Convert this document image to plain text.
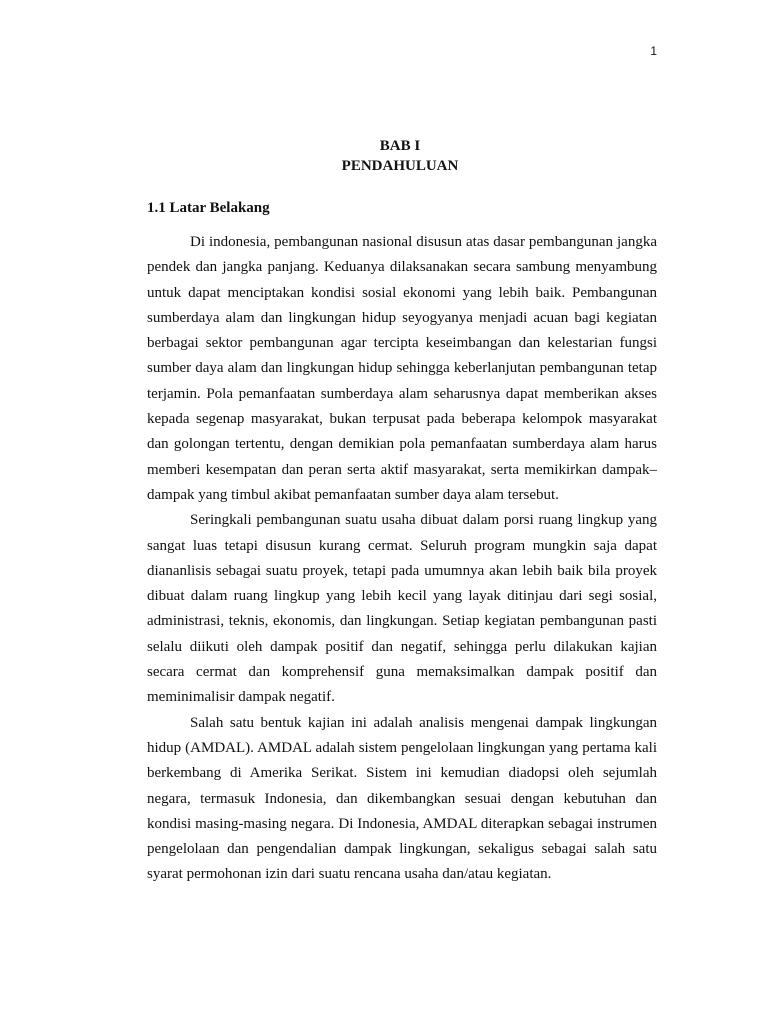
1
BAB I
PENDAHULUAN
1.1 Latar Belakang

Di indonesia, pembangunan nasional disusun atas dasar pembangunan jangka pendek dan jangka panjang. Keduanya dilaksanakan secara sambung menyambung untuk dapat menciptakan kondisi sosial ekonomi yang lebih baik. Pembangunan sumberdaya alam dan lingkungan hidup seyogyanya menjadi acuan bagi kegiatan berbagai sektor pembangunan agar tercipta keseimbangan dan kelestarian fungsi sumber daya alam dan lingkungan hidup sehingga keberlanjutan pembangunan tetap terjamin. Pola pemanfaatan sumberdaya alam seharusnya dapat memberikan akses kepada segenap masyarakat, bukan terpusat pada beberapa kelompok masyarakat dan golongan tertentu, dengan demikian pola pemanfaatan sumberdaya alam harus memberi kesempatan dan peran serta aktif masyarakat, serta memikirkan dampak–dampak yang timbul akibat pemanfaatan sumber daya alam tersebut.

Seringkali pembangunan suatu usaha dibuat dalam porsi ruang lingkup yang sangat luas tetapi disusun kurang cermat. Seluruh program mungkin saja dapat diananlisis sebagai suatu proyek, tetapi pada umumnya akan lebih baik bila proyek dibuat dalam ruang lingkup yang lebih kecil yang layak ditinjau dari segi sosial, administrasi, teknis, ekonomis, dan lingkungan. Setiap kegiatan pembangunan pasti selalu diikuti oleh dampak positif dan negatif, sehingga perlu dilakukan kajian secara cermat dan komprehensif guna memaksimalkan dampak positif dan meminimalisir dampak negatif.

Salah satu bentuk kajian ini adalah analisis mengenai dampak lingkungan hidup (AMDAL). AMDAL adalah sistem pengelolaan lingkungan yang pertama kali berkembang di Amerika Serikat. Sistem ini kemudian diadopsi oleh sejumlah negara, termasuk Indonesia, dan dikembangkan sesuai dengan kebutuhan dan kondisi masing-masing negara. Di Indonesia, AMDAL diterapkan sebagai instrumen pengelolaan dan pengendalian dampak lingkungan, sekaligus sebagai salah satu syarat permohonan izin dari suatu rencana usaha dan/atau kegiatan.
